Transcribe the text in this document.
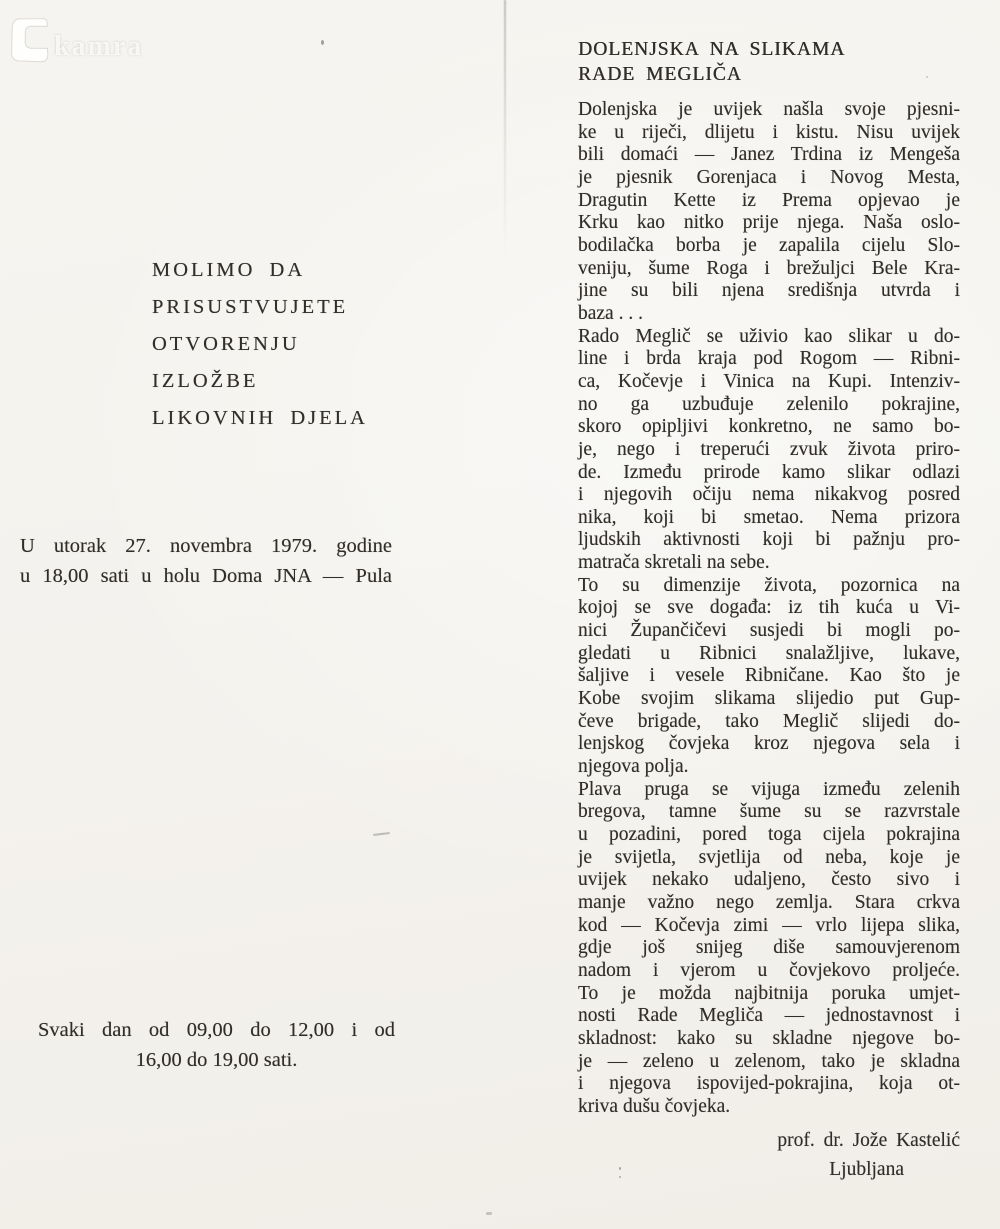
kamra
MOLIMO DA
PRISUSTVUJETE
OTVORENJU
IZLOŽBE
LIKOVNIH DJELA
U utorak 27. novembra 1979. godine
u 18,00 sati u holu Doma JNA — Pula
Svaki dan od 09,00 do 12,00 i od
16,00 do 19,00 sati.
DOLENJSKA NA SLIKAMA
RADE MEGLIČA
Dolenjska je uvijek našla svoje pjesni-
ke u riječi, dlijetu i kistu. Nisu uvijek
bili domaći — Janez Trdina iz Mengeša
je pjesnik Gorenjaca i Novog Mesta,
Dragutin Kette iz Prema opjevao je
Krku kao nitko prije njega. Naša oslo-
bodilačka borba je zapalila cijelu Slo-
veniju, šume Roga i brežuljci Bele Kra-
jine su bili njena središnja utvrda i
baza . . .
Rado Meglič se uživio kao slikar u do-
line i brda kraja pod Rogom — Ribni-
ca, Kočevje i Vinica na Kupi. Intenziv-
no ga uzbuđuje zelenilo pokrajine,
skoro opipljivi konkretno, ne samo bo-
je, nego i treperući zvuk života priro-
de. Između prirode kamo slikar odlazi
i njegovih očiju nema nikakvog posred
nika, koji bi smetao. Nema prizora
ljudskih aktivnosti koji bi pažnju pro-
matrača skretali na sebe.
To su dimenzije života, pozornica na
kojoj se sve događa: iz tih kuća u Vi-
nici Župančičevi susjedi bi mogli po-
gledati u Ribnici snalažljive, lukave,
šaljive i vesele Ribničane. Kao što je
Kobe svojim slikama slijedio put Gup-
čeve brigade, tako Meglič slijedi do-
lenjskog čovjeka kroz njegova sela i
njegova polja.
Plava pruga se vijuga između zelenih
bregova, tamne šume su se razvrstale
u pozadini, pored toga cijela pokrajina
je svijetla, svjetlija od neba, koje je
uvijek nekako udaljeno, često sivo i
manje važno nego zemlja. Stara crkva
kod — Kočevja zimi — vrlo lijepa slika,
gdje još snijeg diše samouvjerenom
nadom i vjerom u čovjekovo proljeće.
To je možda najbitnija poruka umjet-
nosti Rade Megliča — jednostavnost i
skladnost: kako su skladne njegove bo-
je — zeleno u zelenom, tako je skladna
i njegova ispovijed-pokrajina, koja ot-
kriva dušu čovjeka.
prof. dr. Jože Kastelić
Ljubljana
